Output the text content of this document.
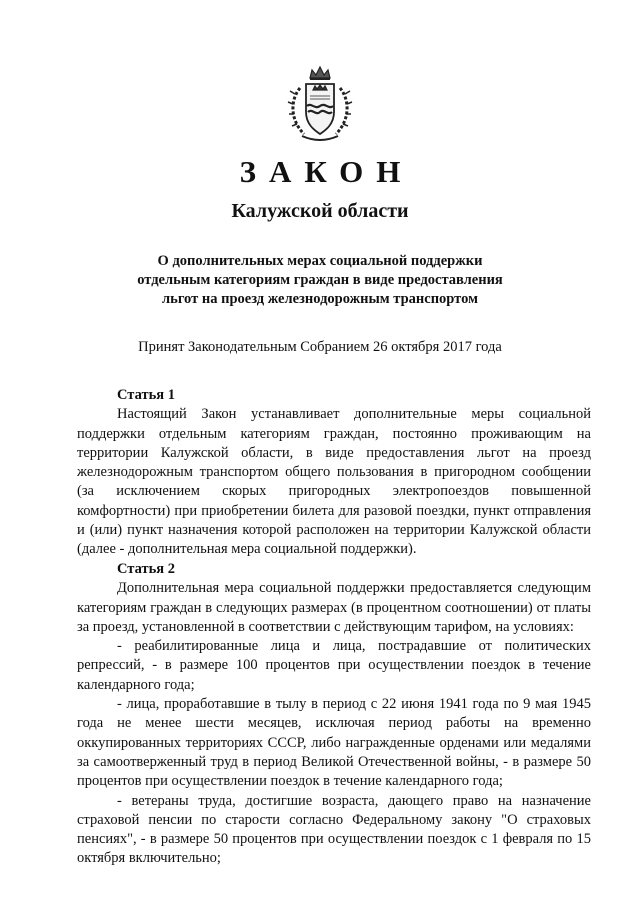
ЗАКОН
Калужской области
О дополнительных мерах социальной поддержки
отдельным категориям граждан в виде предоставления
льгот на проезд железнодорожным транспортом
Принят Законодательным Собранием 26 октября 2017 года
Статья 1

Настоящий Закон устанавливает дополнительные меры социальной поддержки отдельным категориям граждан, постоянно проживающим на территории Калужской области, в виде предоставления льгот на проезд железнодорожным транспортом общего пользования в пригородном сообщении (за исключением скорых пригородных электропоездов повышенной комфортности) при приобретении билета для разовой поездки, пункт отправления и (или) пункт назначения которой расположен на территории Калужской области (далее - дополнительная мера социальной поддержки).

Статья 2

Дополнительная мера социальной поддержки предоставляется следующим категориям граждан в следующих размерах (в процентном соотношении) от платы за проезд, установленной в соответствии с действующим тарифом, на условиях:

- реабилитированные лица и лица, пострадавшие от политических репрессий, - в размере 100 процентов при осуществлении поездок в течение календарного года;

- лица, проработавшие в тылу в период с 22 июня 1941 года по 9 мая 1945 года не менее шести месяцев, исключая период работы на временно оккупированных территориях СССР, либо награжденные орденами или медалями за самоотверженный труд в период Великой Отечественной войны, - в размере 50 процентов при осуществлении поездок в течение календарного года;

- ветераны труда, достигшие возраста, дающего право на назначение страховой пенсии по старости согласно Федеральному закону "О страховых пенсиях", - в размере 50 процентов при осуществлении поездок с 1 февраля по 15 октября включительно;
